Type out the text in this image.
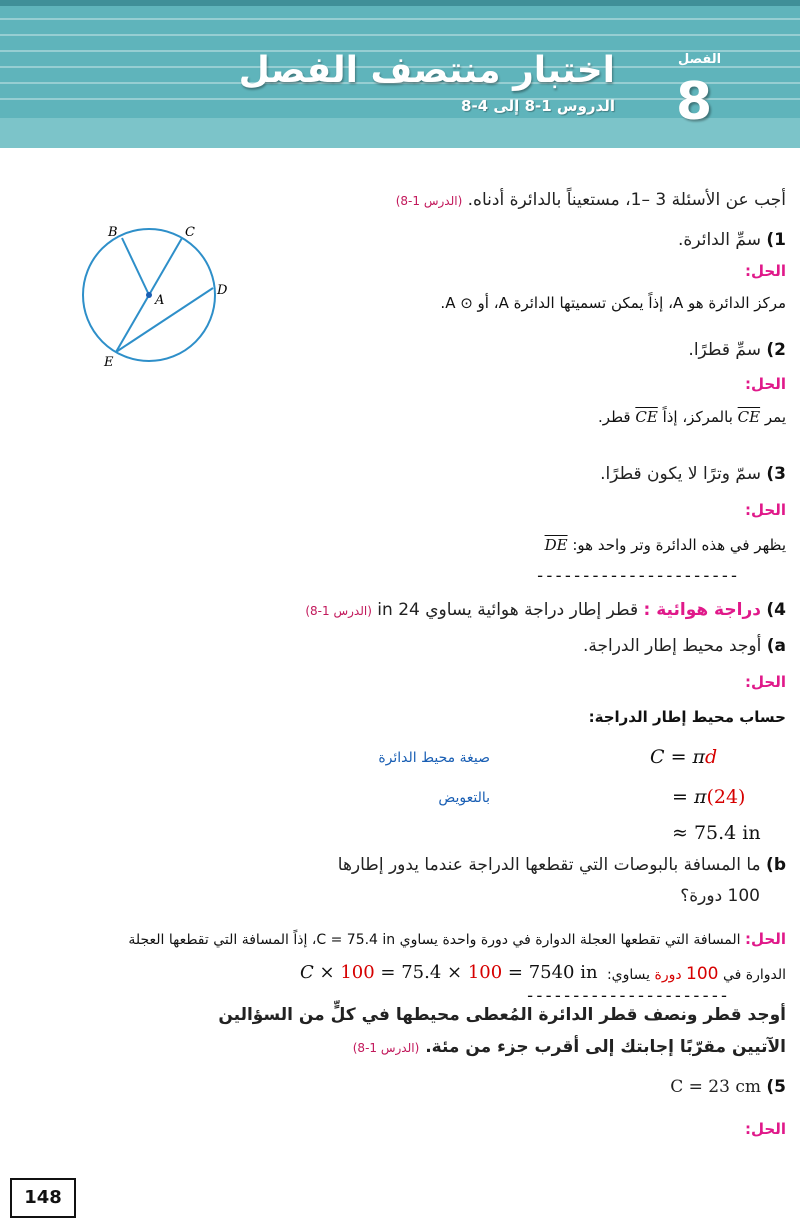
اختبار منتصف الفصل
الدروس 1-8 إلى 4-8
الفصل
8
أجب عن الأسئلة 3 –1، مستعيناً بالدائرة أدناه. (الدرس 1-8)
B	C
A
D
E
1) سمِّ الدائرة.
الحل:
مركز الدائرة هو A، إذاً يمكن تسميتها الدائرة A، أو ⊙ A.
2) سمِّ قطرًا.
الحل:
يمر CE بالمركز، إذاً CE قطر.
3) سمّ وترًا لا يكون قطرًا.
الحل:
يظهر في هذه الدائرة وتر واحد هو: DE
----------------------
4) دراجة هوائية : قطر إطار دراجة هوائية يساوي 24 in (الدرس 1-8)
a) أوجد محيط إطار الدراجة.
الحل:
حساب محيط إطار الدراجة:
صيغة محيط الدائرة	C = πd
بالتعويض	= π(24)
≈ 75.4 in
b) ما المسافة بالبوصات التي تقطعها الدراجة عندما يدور إطارها
100 دورة؟
الحل: المسافة التي تقطعها العجلة الدوارة في دورة واحدة يساوي C = 75.4 in، إذاً المسافة التي تقطعها العجلة
الدوارة في 100 دورة يساوي:
C × 100 = 75.4 × 100 = 7540 in
----------------------
أوجد قطر ونصف قطر الدائرة المُعطى محيطها في كلٍّ من السؤالين
الآتيين مقرّبًا إجابتك إلى أقرب جزء من مئة. (الدرس 1-8)
C = 23 cm (5
الحل:
148
